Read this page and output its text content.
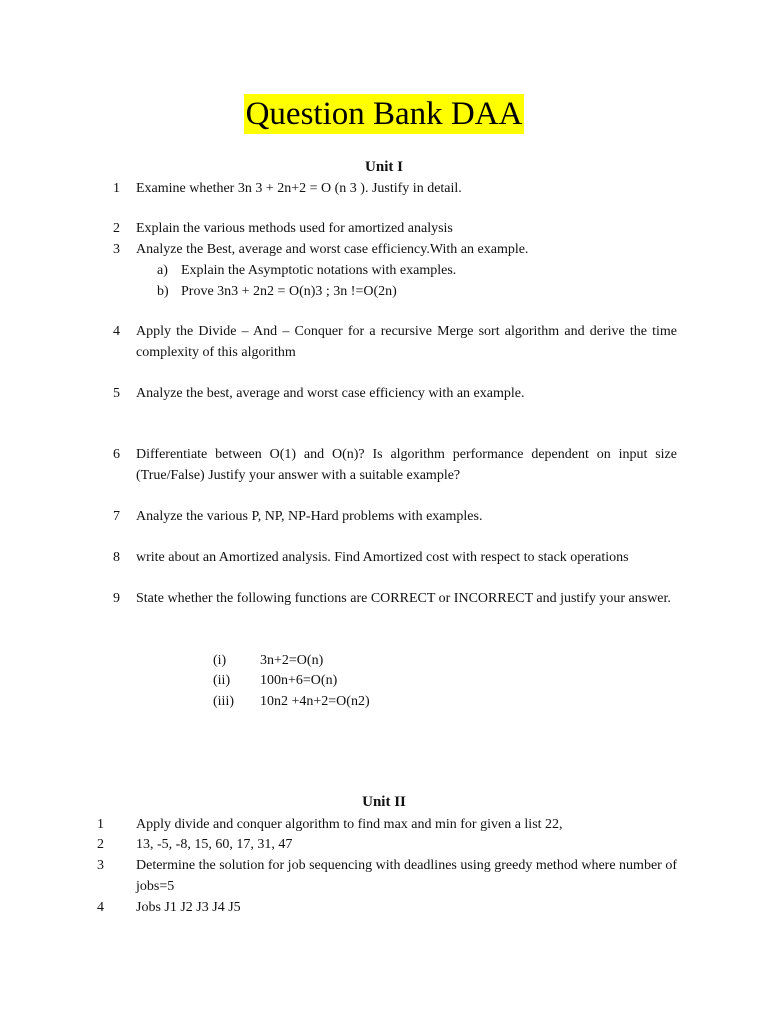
Question Bank DAA
Unit I
1 Examine whether 3n 3 + 2n+2 = O (n 3 ). Justify in detail.
2 Explain the various methods used for amortized analysis
3 Analyze the Best, average and worst case efficiency.With an example.
a) Explain the Asymptotic notations with examples.
b) Prove 3n3 + 2n2 = O(n)3 ; 3n !=O(2n)
4 Apply the Divide – And – Conquer for a recursive Merge sort algorithm and derive the time complexity of this algorithm
5 Analyze the best, average and worst case efficiency with an example.
6 Differentiate between O(1) and O(n)? Is algorithm performance dependent on input size (True/False) Justify your answer with a suitable example?
7 Analyze the various P, NP, NP-Hard problems with examples.
8 write about an Amortized analysis. Find Amortized cost with respect to stack operations
9 State whether the following functions are CORRECT or INCORRECT and justify your answer.
(i) 3n+2=O(n)
(ii) 100n+6=O(n)
(iii) 10n2 +4n+2=O(n2)
Unit II
1 Apply divide and conquer algorithm to find max and min for given a list 22,
2 13, -5, -8, 15, 60, 17, 31, 47
3 Determine the solution for job sequencing with deadlines using greedy method where number of jobs=5
4 Jobs J1 J2 J3 J4 J5
